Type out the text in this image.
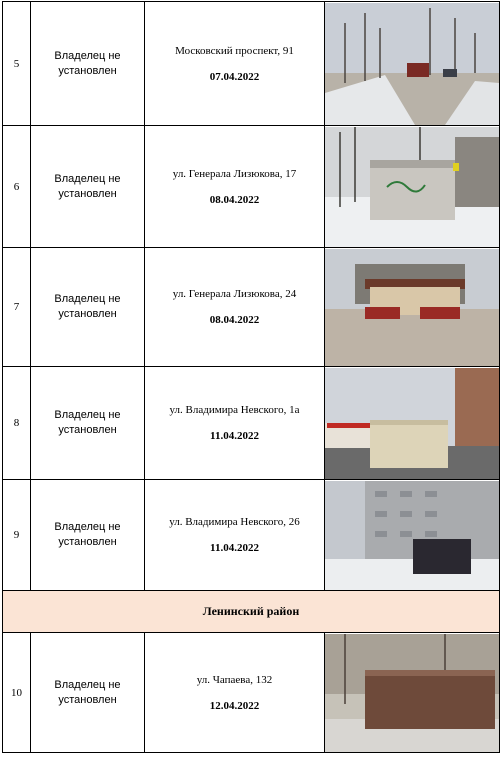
5	Владелец не установлен	Московский проспект, 91
07.04.2022

6	Владелец не установлен	ул. Генерала Лизюкова, 17
08.04.2022

7	Владелец не установлен	ул. Генерала Лизюкова, 24
08.04.2022

8	Владелец не установлен	ул. Владимира Невского, 1а
11.04.2022

9	Владелец не установлен	ул. Владимира Невского, 26
11.04.2022

Ленинский район			
10	Владелец не установлен	ул. Чапаева, 132
12.04.2022
